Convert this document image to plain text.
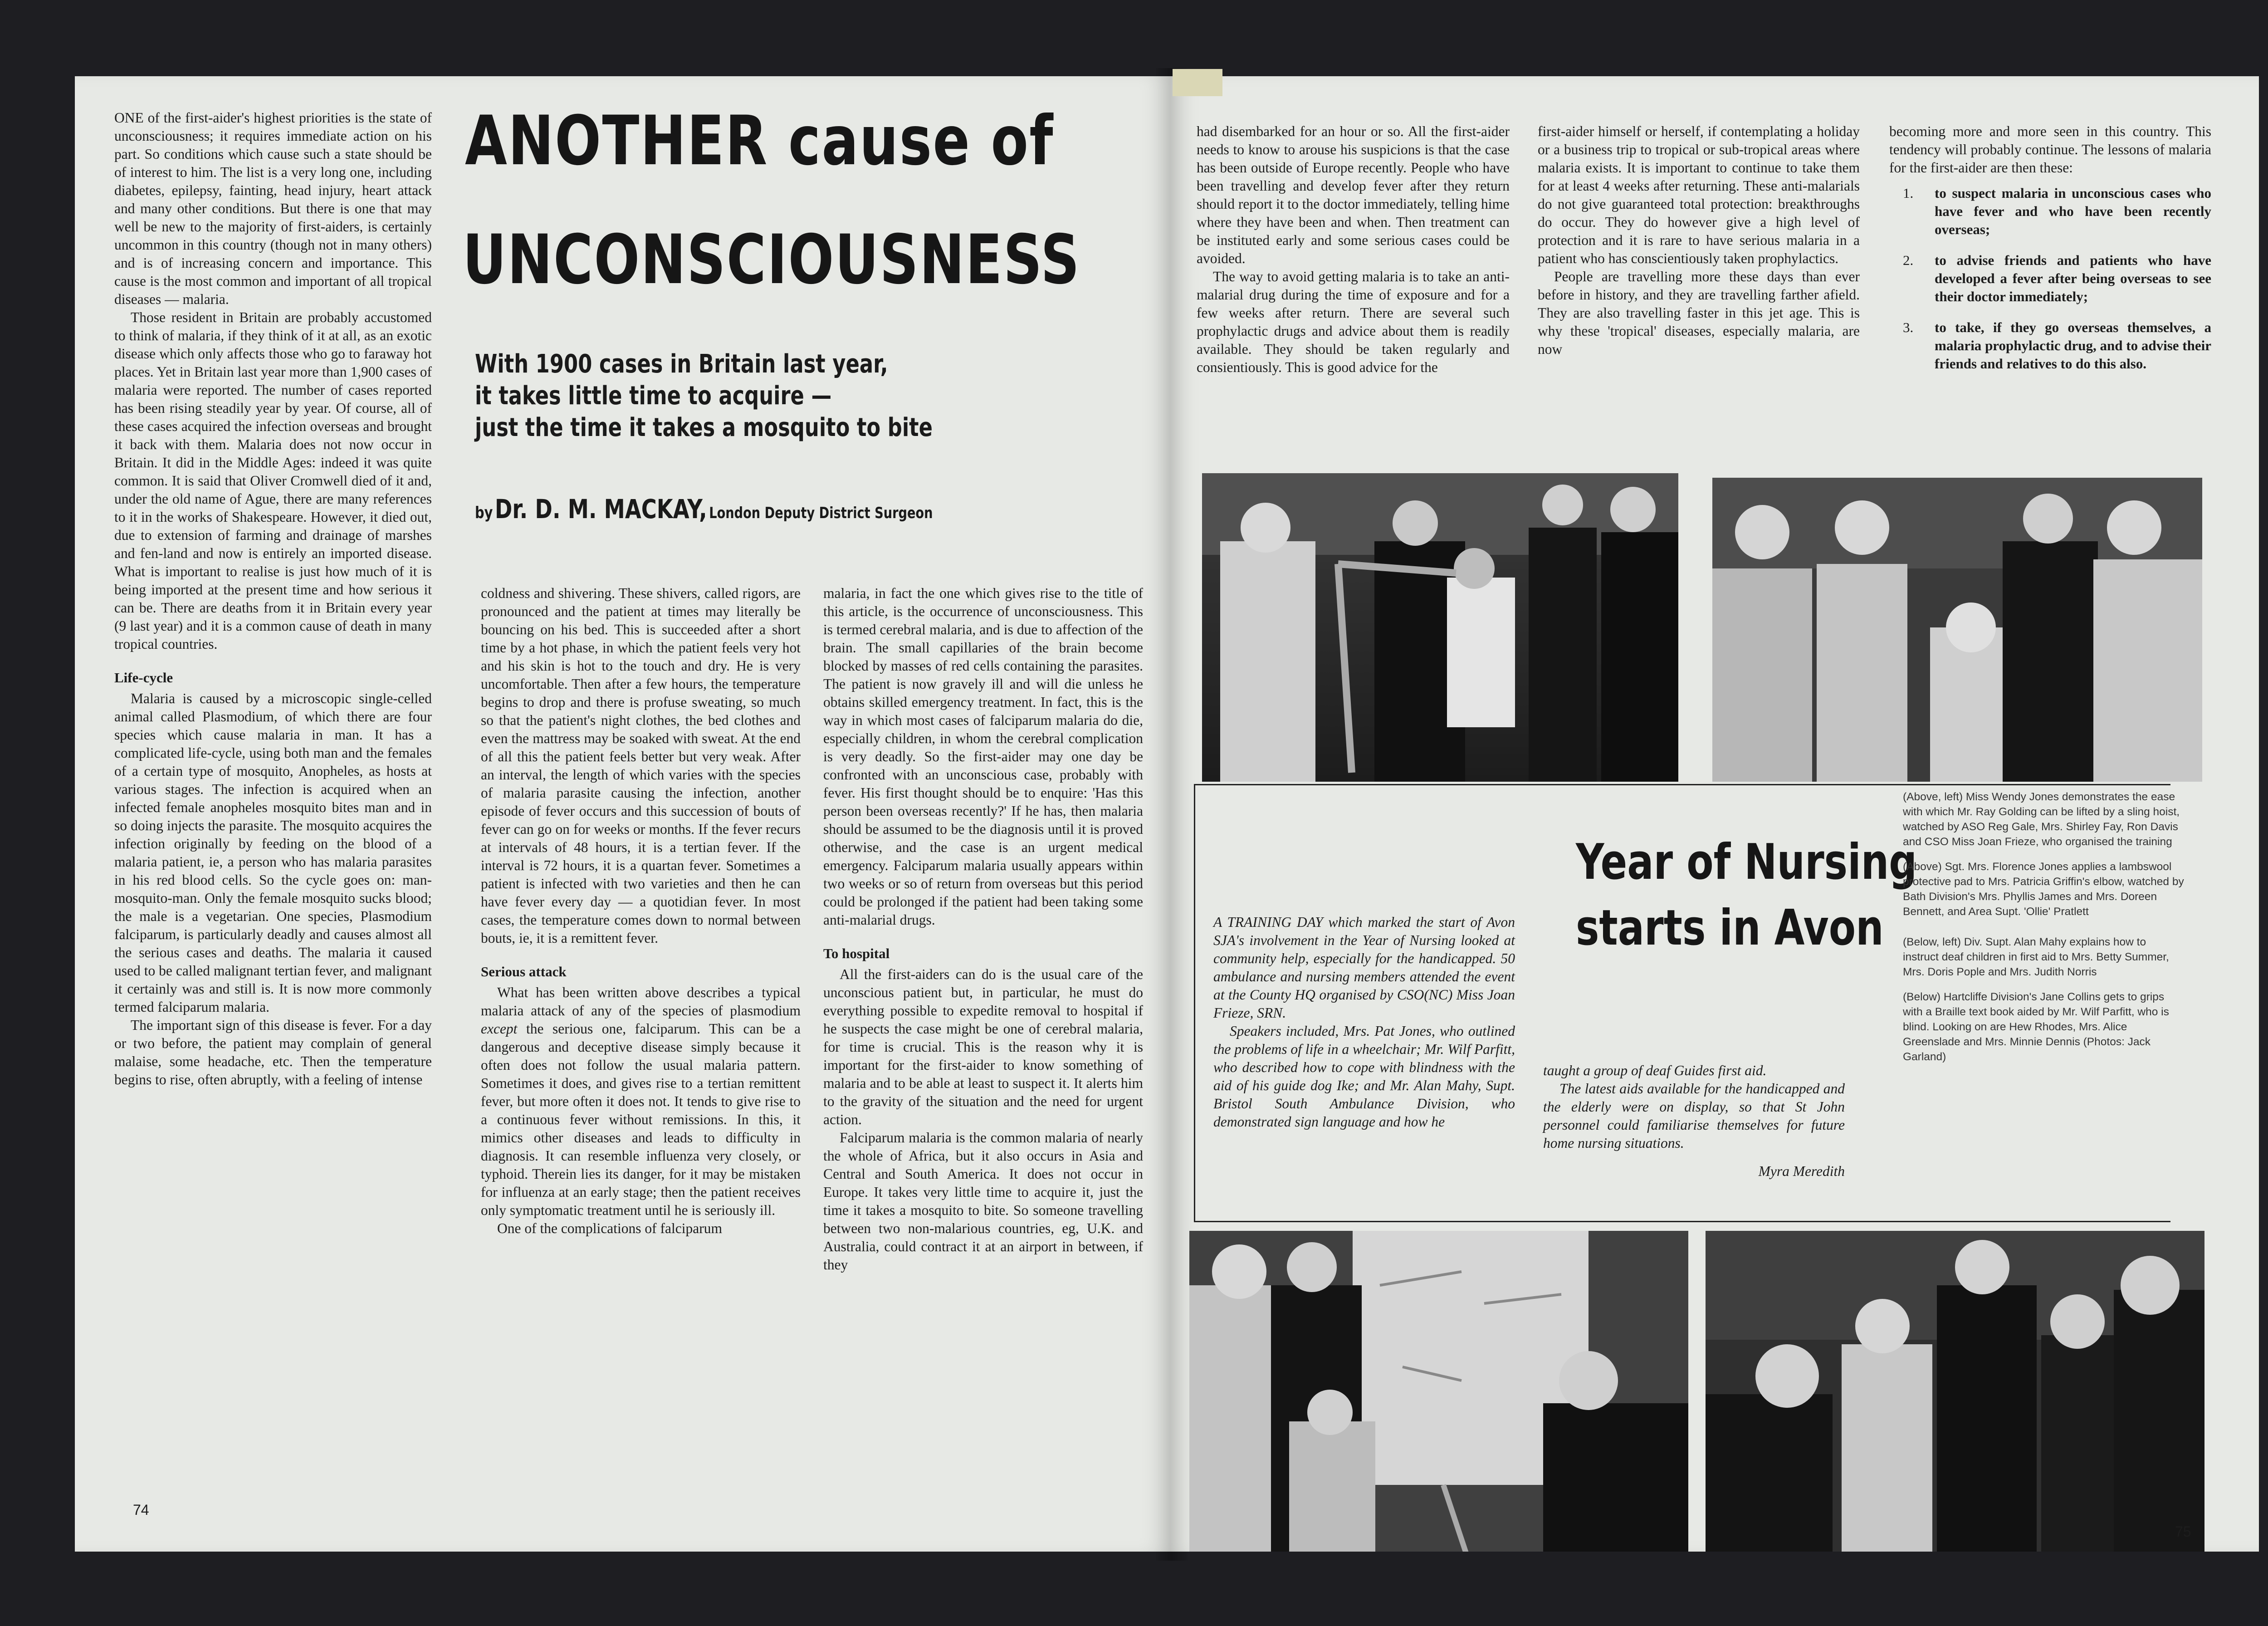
ONE of the first-aider's highest priorities is the state of unconsciousness; it requires immediate action on his part. So conditions which cause such a state should be of interest to him. The list is a very long one, including diabetes, epilepsy, fainting, head injury, heart attack and many other conditions. But there is one that may well be new to the majority of first-aiders, is certainly uncommon in this country (though not in many others) and is of increasing concern and importance. This cause is the most common and important of all tropical diseases — malaria.

Those resident in Britain are probably accustomed to think of malaria, if they think of it at all, as an exotic disease which only affects those who go to faraway hot places. Yet in Britain last year more than 1,900 cases of malaria were reported. The number of cases reported has been rising steadily year by year. Of course, all of these cases acquired the infection overseas and brought it back with them. Malaria does not now occur in Britain. It did in the Middle Ages: indeed it was quite common. It is said that Oliver Cromwell died of it and, under the old name of Ague, there are many references to it in the works of Shakespeare. However, it died out, due to extension of farming and drainage of marshes and fen-land and now is entirely an imported disease. What is important to realise is just how much of it is being imported at the present time and how serious it can be. There are deaths from it in Britain every year (9 last year) and it is a common cause of death in many tropical countries.

Life-cycle

Malaria is caused by a microscopic single-celled animal called Plasmodium, of which there are four species which cause malaria in man. It has a complicated life-cycle, using both man and the females of a certain type of mosquito, Anopheles, as hosts at various stages. The infection is acquired when an infected female anopheles mosquito bites man and in so doing injects the parasite. The mosquito acquires the infection originally by feeding on the blood of a malaria patient, ie, a person who has malaria parasites in his red blood cells. So the cycle goes on: man-mosquito-man. Only the female mosquito sucks blood; the male is a vegetarian. One species, Plasmodium falciparum, is particularly deadly and causes almost all the serious cases and deaths. The malaria it caused used to be called malignant tertian fever, and malignant it certainly was and still is. It is now more commonly termed falciparum malaria.

The important sign of this disease is fever. For a day or two before, the patient may complain of general malaise, some headache, etc. Then the temperature begins to rise, often abruptly, with a feeling of intense

ANOTHER cause of
UNCONSCIOUSNESS
With 1900 cases in Britain last year,
it takes little time to acquire —
just the time it takes a mosquito to bite
by Dr. D. M. MACKAY, London Deputy District Surgeon

coldness and shivering. These shivers, called rigors, are pronounced and the patient at times may literally be bouncing on his bed. This is succeeded after a short time by a hot phase, in which the patient feels very hot and his skin is hot to the touch and dry. He is very uncomfortable. Then after a few hours, the temperature begins to drop and there is profuse sweating, so much so that the patient's night clothes, the bed clothes and even the mattress may be soaked with sweat. At the end of all this the patient feels better but very weak. After an interval, the length of which varies with the species of malaria parasite causing the infection, another episode of fever occurs and this succession of bouts of fever can go on for weeks or months. If the fever recurs at intervals of 48 hours, it is a tertian fever. If the interval is 72 hours, it is a quartan fever. Sometimes a patient is infected with two varieties and then he can have fever every day — a quotidian fever. In most cases, the temperature comes down to normal between bouts, ie, it is a remittent fever.

Serious attack

What has been written above describes a typical malaria attack of any of the species of plasmodium except the serious one, falciparum. This can be a dangerous and deceptive disease simply because it often does not follow the usual malaria pattern. Sometimes it does, and gives rise to a tertian remittent fever, but more often it does not. It tends to give rise to a continuous fever without remissions. In this, it mimics other diseases and leads to difficulty in diagnosis. It can resemble influenza very closely, or typhoid. Therein lies its danger, for it may be mistaken for influenza at an early stage; then the patient receives only symptomatic treatment until he is seriously ill.

One of the complications of falciparum

malaria, in fact the one which gives rise to the title of this article, is the occurrence of unconsciousness. This is termed cerebral malaria, and is due to affection of the brain. The small capillaries of the brain become blocked by masses of red cells containing the parasites. The patient is now gravely ill and will die unless he obtains skilled emergency treatment. In fact, this is the way in which most cases of falciparum malaria do die, especially children, in whom the cerebral complication is very deadly. So the first-aider may one day be confronted with an unconscious case, probably with fever. His first thought should be to enquire: 'Has this person been overseas recently?' If he has, then malaria should be assumed to be the diagnosis until it is proved otherwise, and the case is an urgent medical emergency. Falciparum malaria usually appears within two weeks or so of return from overseas but this period could be prolonged if the patient had been taking some anti-malarial drugs.

To hospital

All the first-aiders can do is the usual care of the unconscious patient but, in particular, he must do everything possible to expedite removal to hospital if he suspects the case might be one of cerebral malaria, for time is crucial. This is the reason why it is important for the first-aider to know something of malaria and to be able at least to suspect it. It alerts him to the gravity of the situation and the need for urgent action.

Falciparum malaria is the common malaria of nearly the whole of Africa, but it also occurs in Asia and Central and South America. It does not occur in Europe. It takes very little time to acquire it, just the time it takes a mosquito to bite. So someone travelling between two non-malarious countries, eg, U.K. and Australia, could contract it at an airport in between, if they

74

had disembarked for an hour or so. All the first-aider needs to know to arouse his suspicions is that the case has been outside of Europe recently. People who have been travelling and develop fever after they return should report it to the doctor immediately, telling hime where they have been and when. Then treatment can be instituted early and some serious cases could be avoided.

The way to avoid getting malaria is to take an anti-malarial drug during the time of exposure and for a few weeks after return. There are several such prophylactic drugs and advice about them is readily available. They should be taken regularly and consientiously. This is good advice for the

first-aider himself or herself, if contemplating a holiday or a business trip to tropical or sub-tropical areas where malaria exists. It is important to continue to take them for at least 4 weeks after returning. These anti-malarials do not give guaranteed total protection: breakthroughs do occur. They do however give a high level of protection and it is rare to have serious malaria in a patient who has conscientiously taken prophylactics.

People are travelling more these days than ever before in history, and they are travelling farther afield. They are also travelling faster in this jet age. This is why these 'tropical' diseases, especially malaria, are now

becoming more and more seen in this country. This tendency will probably continue. The lessons of malaria for the first-aider are then these:

1. to suspect malaria in unconscious cases who have fever and who have been recently overseas;
2. to advise friends and patients who have developed a fever after being overseas to see their doctor immediately;
3. to take, if they go overseas themselves, a malaria prophylactic drug, and to advise their friends and relatives to do this also.

A TRAINING DAY which marked the start of Avon SJA's involvement in the Year of Nursing looked at community help, especially for the handicapped. 50 ambulance and nursing members attended the event at the County HQ organised by CSO(NC) Miss Joan Frieze, SRN.

Speakers included, Mrs. Pat Jones, who outlined the problems of life in a wheelchair; Mr. Wilf Parfitt, who described how to cope with blindness with the aid of his guide dog Ike; and Mr. Alan Mahy, Supt. Bristol South Ambulance Division, who demonstrated sign language and how he

Year of Nursing
starts in Avon

taught a group of deaf Guides first aid.

The latest aids available for the handicapped and the elderly were on display, so that St John personnel could familiarise themselves for future home nursing situations.

Myra Meredith

(Above, left) Miss Wendy Jones demonstrates the ease with which Mr. Ray Golding can be lifted by a sling hoist, watched by ASO Reg Gale, Mrs. Shirley Fay, Ron Davis and CSO Miss Joan Frieze, who organised the training

(Above) Sgt. Mrs. Florence Jones applies a lambswool protective pad to Mrs. Patricia Griffin's elbow, watched by Bath Division's Mrs. Phyllis James and Mrs. Doreen Bennett, and Area Supt. 'Ollie' Pratlett

(Below, left) Div. Supt. Alan Mahy explains how to instruct deaf children in first aid to Mrs. Betty Summer, Mrs. Doris Pople and Mrs. Judith Norris

(Below) Hartcliffe Division's Jane Collins gets to grips with a Braille text book aided by Mr. Wilf Parfitt, who is blind. Looking on are Hew Rhodes, Mrs. Alice Greenslade and Mrs. Minnie Dennis (Photos: Jack Garland)

75
